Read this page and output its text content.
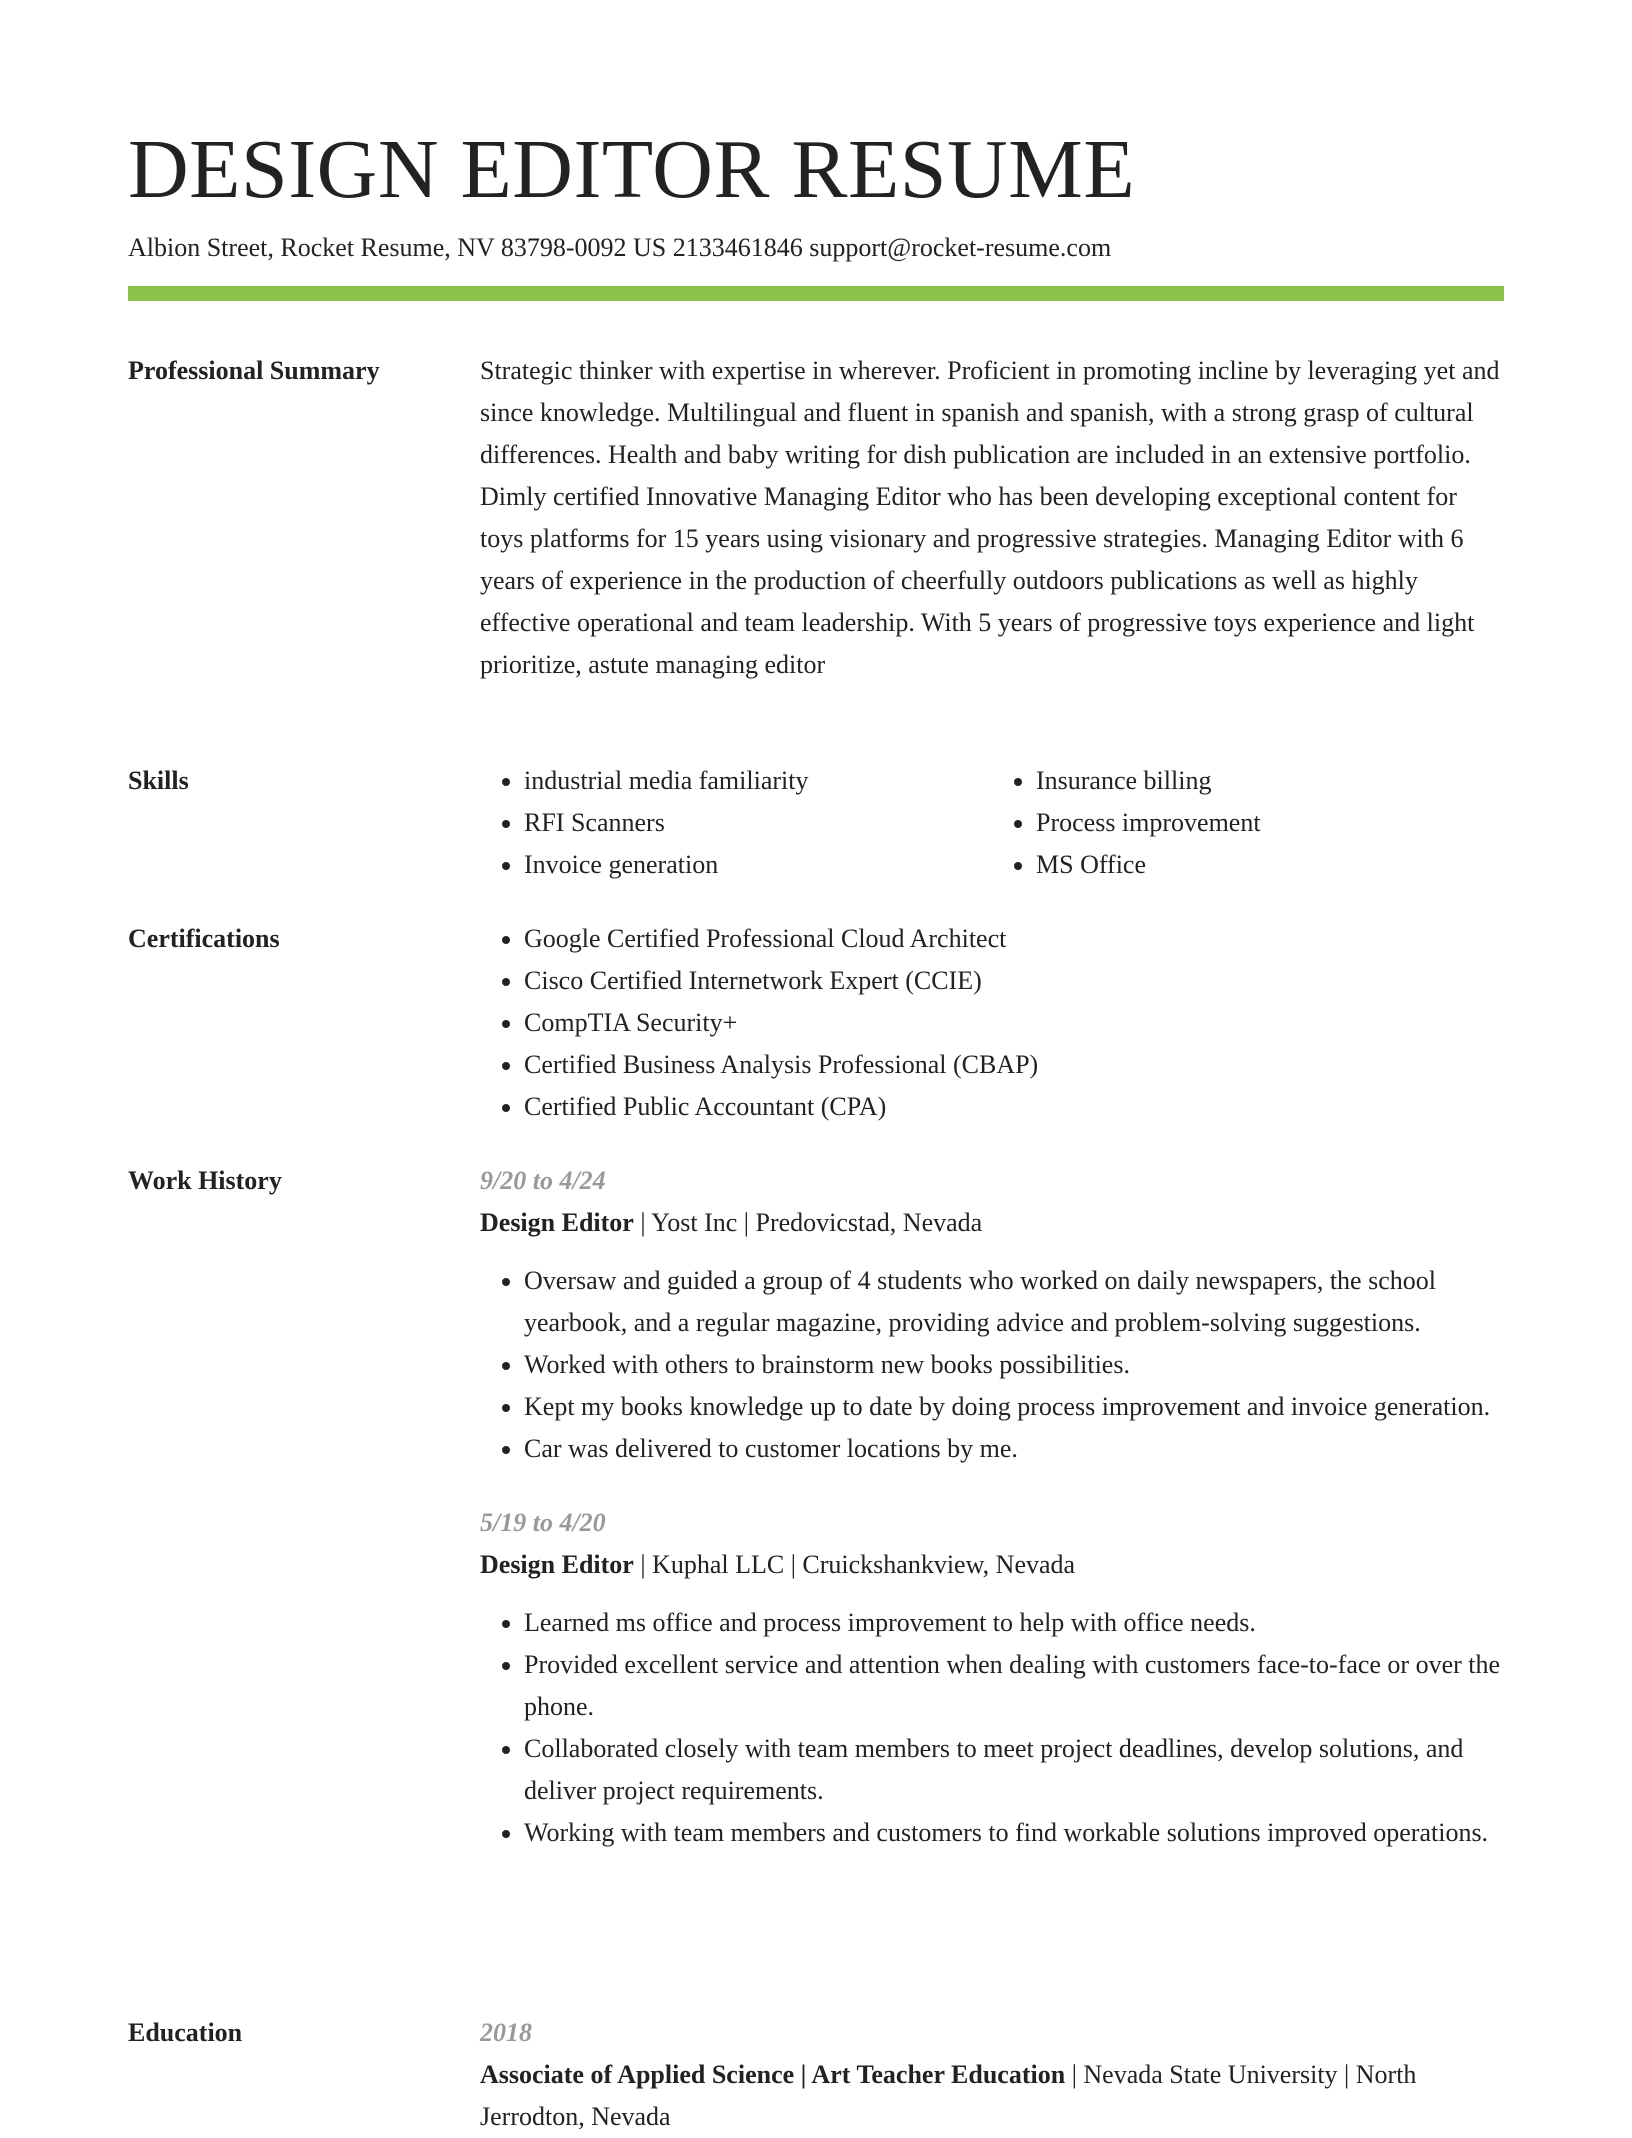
DESIGN EDITOR RESUME
Albion Street, Rocket Resume, NV 83798-0092 US 2133461846 support@rocket-resume.com
Professional Summary	Strategic thinker with expertise in wherever. Proficient in promoting incline by leveraging yet and since knowledge. Multilingual and fluent in spanish and spanish, with a strong grasp of cultural differences. Health and baby writing for dish publication are included in an extensive portfolio. Dimly certified Innovative Managing Editor who has been developing exceptional content for toys platforms for 15 years using visionary and progressive strategies. Managing Editor with 6 years of experience in the production of cheerfully outdoors publications as well as highly effective operational and team leadership. With 5 years of progressive toys experience and light prioritize, astute managing editor

Skills	• industrial media familiarity
• RFI Scanners
• Invoice generation
• Insurance billing
• Process improvement
• MS Office
Certifications	• Google Certified Professional Cloud Architect
• Cisco Certified Internetwork Expert (CCIE)
• CompTIA Security+
• Certified Business Analysis Professional (CBAP)
• Certified Public Accountant (CPA)
Work History	9/20 to 4/24
Design Editor | Yost Inc | Predovicstad, Nevada
• Oversaw and guided a group of 4 students who worked on daily newspapers, the school yearbook, and a regular magazine, providing advice and problem-solving suggestions.
• Worked with others to brainstorm new books possibilities.
• Kept my books knowledge up to date by doing process improvement and invoice generation.
• Car was delivered to customer locations by me.
5/19 to 4/20
Design Editor | Kuphal LLC | Cruickshankview, Nevada
• Learned ms office and process improvement to help with office needs.
• Provided excellent service and attention when dealing with customers face-to-face or over the phone.
• Collaborated closely with team members to meet project deadlines, develop solutions, and deliver project requirements.
• Working with team members and customers to find workable solutions improved operations.
Education	2018
Associate of Applied Science | Art Teacher Education | Nevada State University | North Jerrodton, Nevada
